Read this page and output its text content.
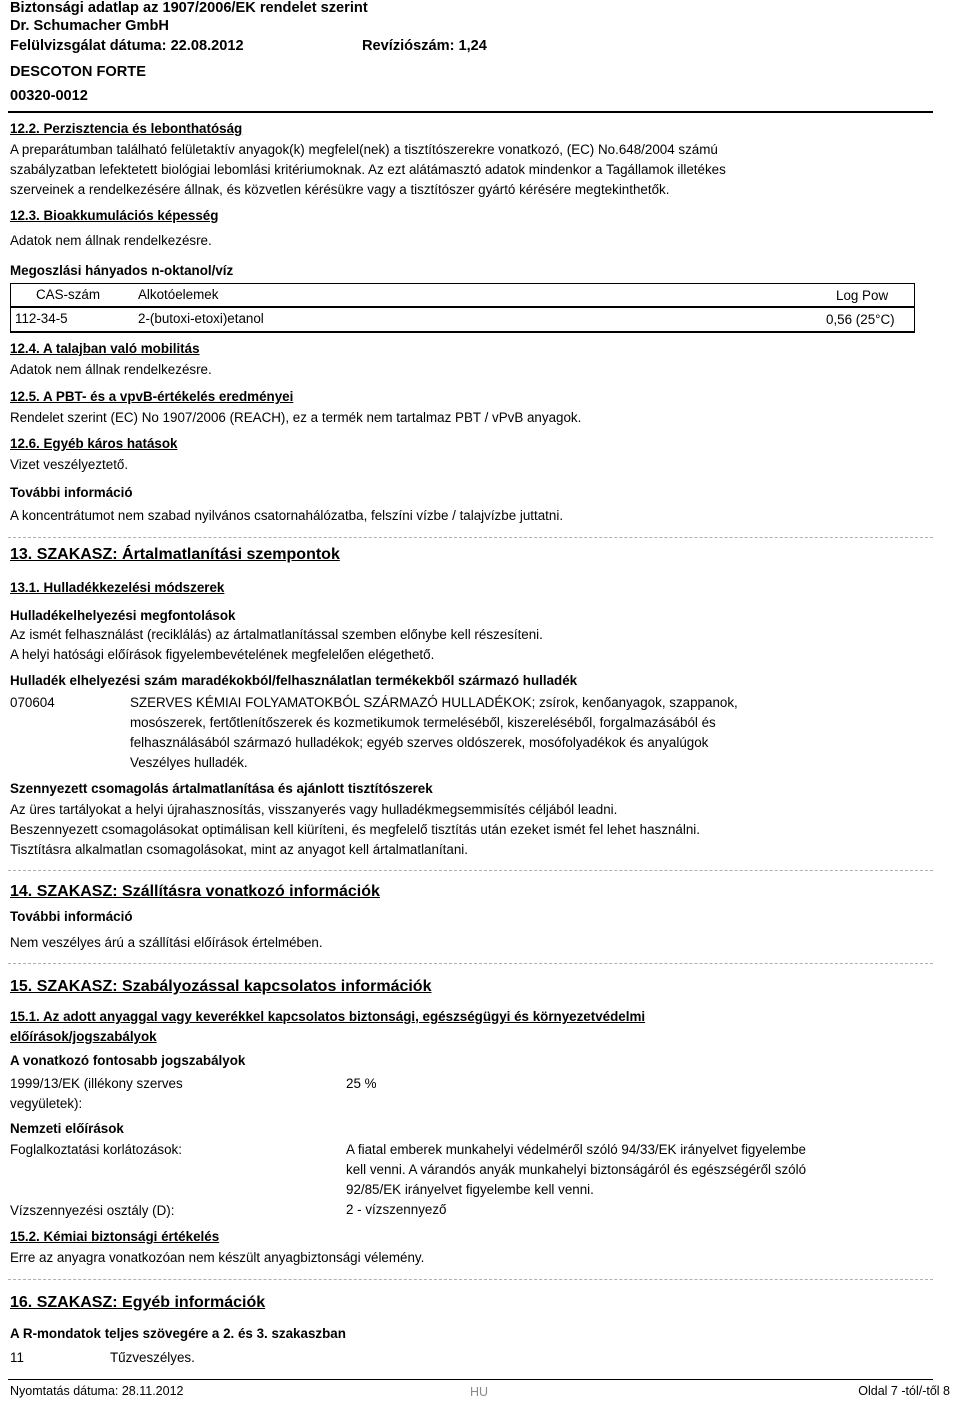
Biztonsági adatlap az 1907/2006/EK rendelet szerint
Dr. Schumacher GmbH
Felülvizsgálat dátuma: 22.08.2012	Revíziószám: 1,24
DESCOTON FORTE
00320-0012
12.2. Perzisztencia és lebonthatóság
A preparátumban található felületaktív anyagok(k) megfelel(nek) a tisztítószerekre vonatkozó, (EC) No.648/2004 számú
szabályzatban lefektetett biológiai lebomlási kritériumoknak. Az ezt alátámasztó adatok mindenkor a Tagállamok illetékes
szerveinek a rendelkezésére állnak, és közvetlen kérésükre vagy a tisztítószer gyártó kérésére megtekinthetők.
12.3. Bioakkumulációs képesség
Adatok nem állnak rendelkezésre.
Megoszlási hányados n-oktanol/víz
CAS-szám	Alkotóelemek	Log Pow
112-34-5	2-(butoxi-etoxi)etanol	0,56 (25°C)
12.4. A talajban való mobilitás
Adatok nem állnak rendelkezésre.
12.5. A PBT- és a vpvB-értékelés eredményei
Rendelet szerint (EC) No 1907/2006 (REACH), ez a termék nem tartalmaz PBT / vPvB anyagok.
12.6. Egyéb káros hatások
Vizet veszélyeztető.
További információ
A koncentrátumot nem szabad nyilvános csatornahálózatba, felszíni vízbe / talajvízbe juttatni.
13. SZAKASZ: Ártalmatlanítási szempontok
13.1. Hulladékkezelési módszerek
Hulladékelhelyezési megfontolások
Az ismét felhasználást (reciklálás) az ártalmatlanítással szemben előnybe kell részesíteni.
A helyi hatósági előírások figyelembevételének megfelelően elégethető.
Hulladék elhelyezési szám maradékokból/felhasználatlan termékekből származó hulladék
070604	SZERVES KÉMIAI FOLYAMATOKBÓL SZÁRMAZÓ HULLADÉKOK; zsírok, kenőanyagok, szappanok,
mosószerek, fertőtlenítőszerek és kozmetikumok termeléséből, kiszereléséből, forgalmazásából és
felhasználásából származó hulladékok; egyéb szerves oldószerek, mosófolyadékok és anyalúgok
Veszélyes hulladék.
Szennyezett csomagolás ártalmatlanítása és ajánlott tisztítószerek
Az üres tartályokat a helyi újrahasznosítás, visszanyerés vagy hulladékmegsemmisítés céljából leadni.
Beszennyezett csomagolásokat optimálisan kell kiüríteni, és megfelelő tisztítás után ezeket ismét fel lehet használni.
Tisztításra alkalmatlan csomagolásokat, mint az anyagot kell ártalmatlanítani.
14. SZAKASZ: Szállításra vonatkozó információk
További információ
Nem veszélyes árú a szállítási előírások értelmében.
15. SZAKASZ: Szabályozással kapcsolatos információk
15.1. Az adott anyaggal vagy keverékkel kapcsolatos biztonsági, egészségügyi és környezetvédelmi
előírások/jogszabályok
A vonatkozó fontosabb jogszabályok
1999/13/EK (illékony szerves
vegyületek):
25 %
Nemzeti előírások
Foglalkoztatási korlátozások:	A fiatal emberek munkahelyi védelméről szóló 94/33/EK irányelvet figyelembe
kell venni. A várandós anyák munkahelyi biztonságáról és egészségéről szóló
92/85/EK irányelvet figyelembe kell venni.
Vízszennyezési osztály (D):	2 - vízszennyező
15.2. Kémiai biztonsági értékelés
Erre az anyagra vonatkozóan nem készült anyagbiztonsági vélemény.
16. SZAKASZ: Egyéb információk
A R-mondatok teljes szövegére a 2. és 3. szakaszban
11	Tűzveszélyes.
Nyomtatás dátuma: 28.11.2012	HU	Oldal 7 -tól/-től 8
